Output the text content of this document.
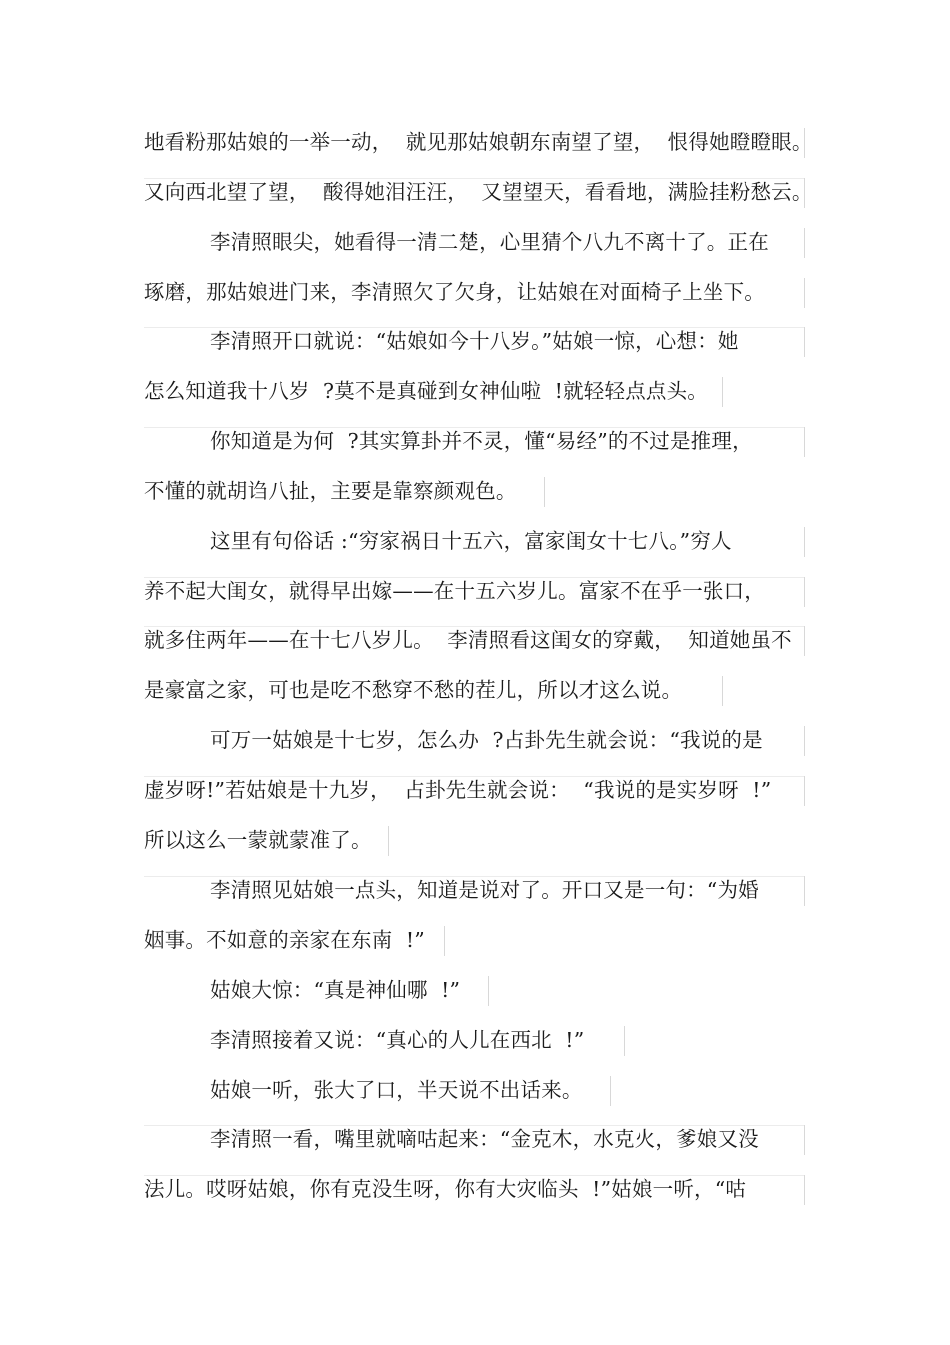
地看粉那姑娘的一举一动，  就见那姑娘朝东南望了望，  恨得她瞪瞪眼。
又向西北望了望，  酸得她泪汪汪，  又望望天，看看地，满脸挂粉愁云。
李清照眼尖，她看得一清二楚，心里猜个八九不离十了。正在
琢磨，那姑娘进门来，李清照欠了欠身，让姑娘在对面椅子上坐下。
李清照开口就说：“姑娘如今十八岁。”姑娘一惊，心想：她
怎么知道我十八岁  ?莫不是真碰到女神仙啦  !就轻轻点点头。
你知道是为何  ?其实算卦并不灵，懂“易经”的不过是推理，
不懂的就胡诌八扯，主要是靠察颜观色。
这里有句俗话 :“穷家祸日十五六，富家闺女十七八。”穷人
养不起大闺女，就得早出嫁——在十五六岁儿。富家不在乎一张口，
就多住两年——在十七八岁儿。  李清照看这闺女的穿戴，  知道她虽不
是豪富之家，可也是吃不愁穿不愁的茬儿，所以才这么说。
可万一姑娘是十七岁，怎么办  ?占卦先生就会说：“我说的是
虚岁呀!”若姑娘是十九岁，  占卦先生就会说：  “我说的是实岁呀  !”
所以这么一蒙就蒙准了。
李清照见姑娘一点头，知道是说对了。开口又是一句：“为婚
姻事。不如意的亲家在东南  !”
姑娘大惊：“真是神仙哪  !”
李清照接着又说：“真心的人儿在西北  !”
姑娘一听，张大了口，半天说不出话来。
李清照一看，嘴里就嘀咕起来：“金克木，水克火，爹娘又没
法儿。哎呀姑娘，你有克没生呀，你有大灾临头  !”姑娘一听，“咕
